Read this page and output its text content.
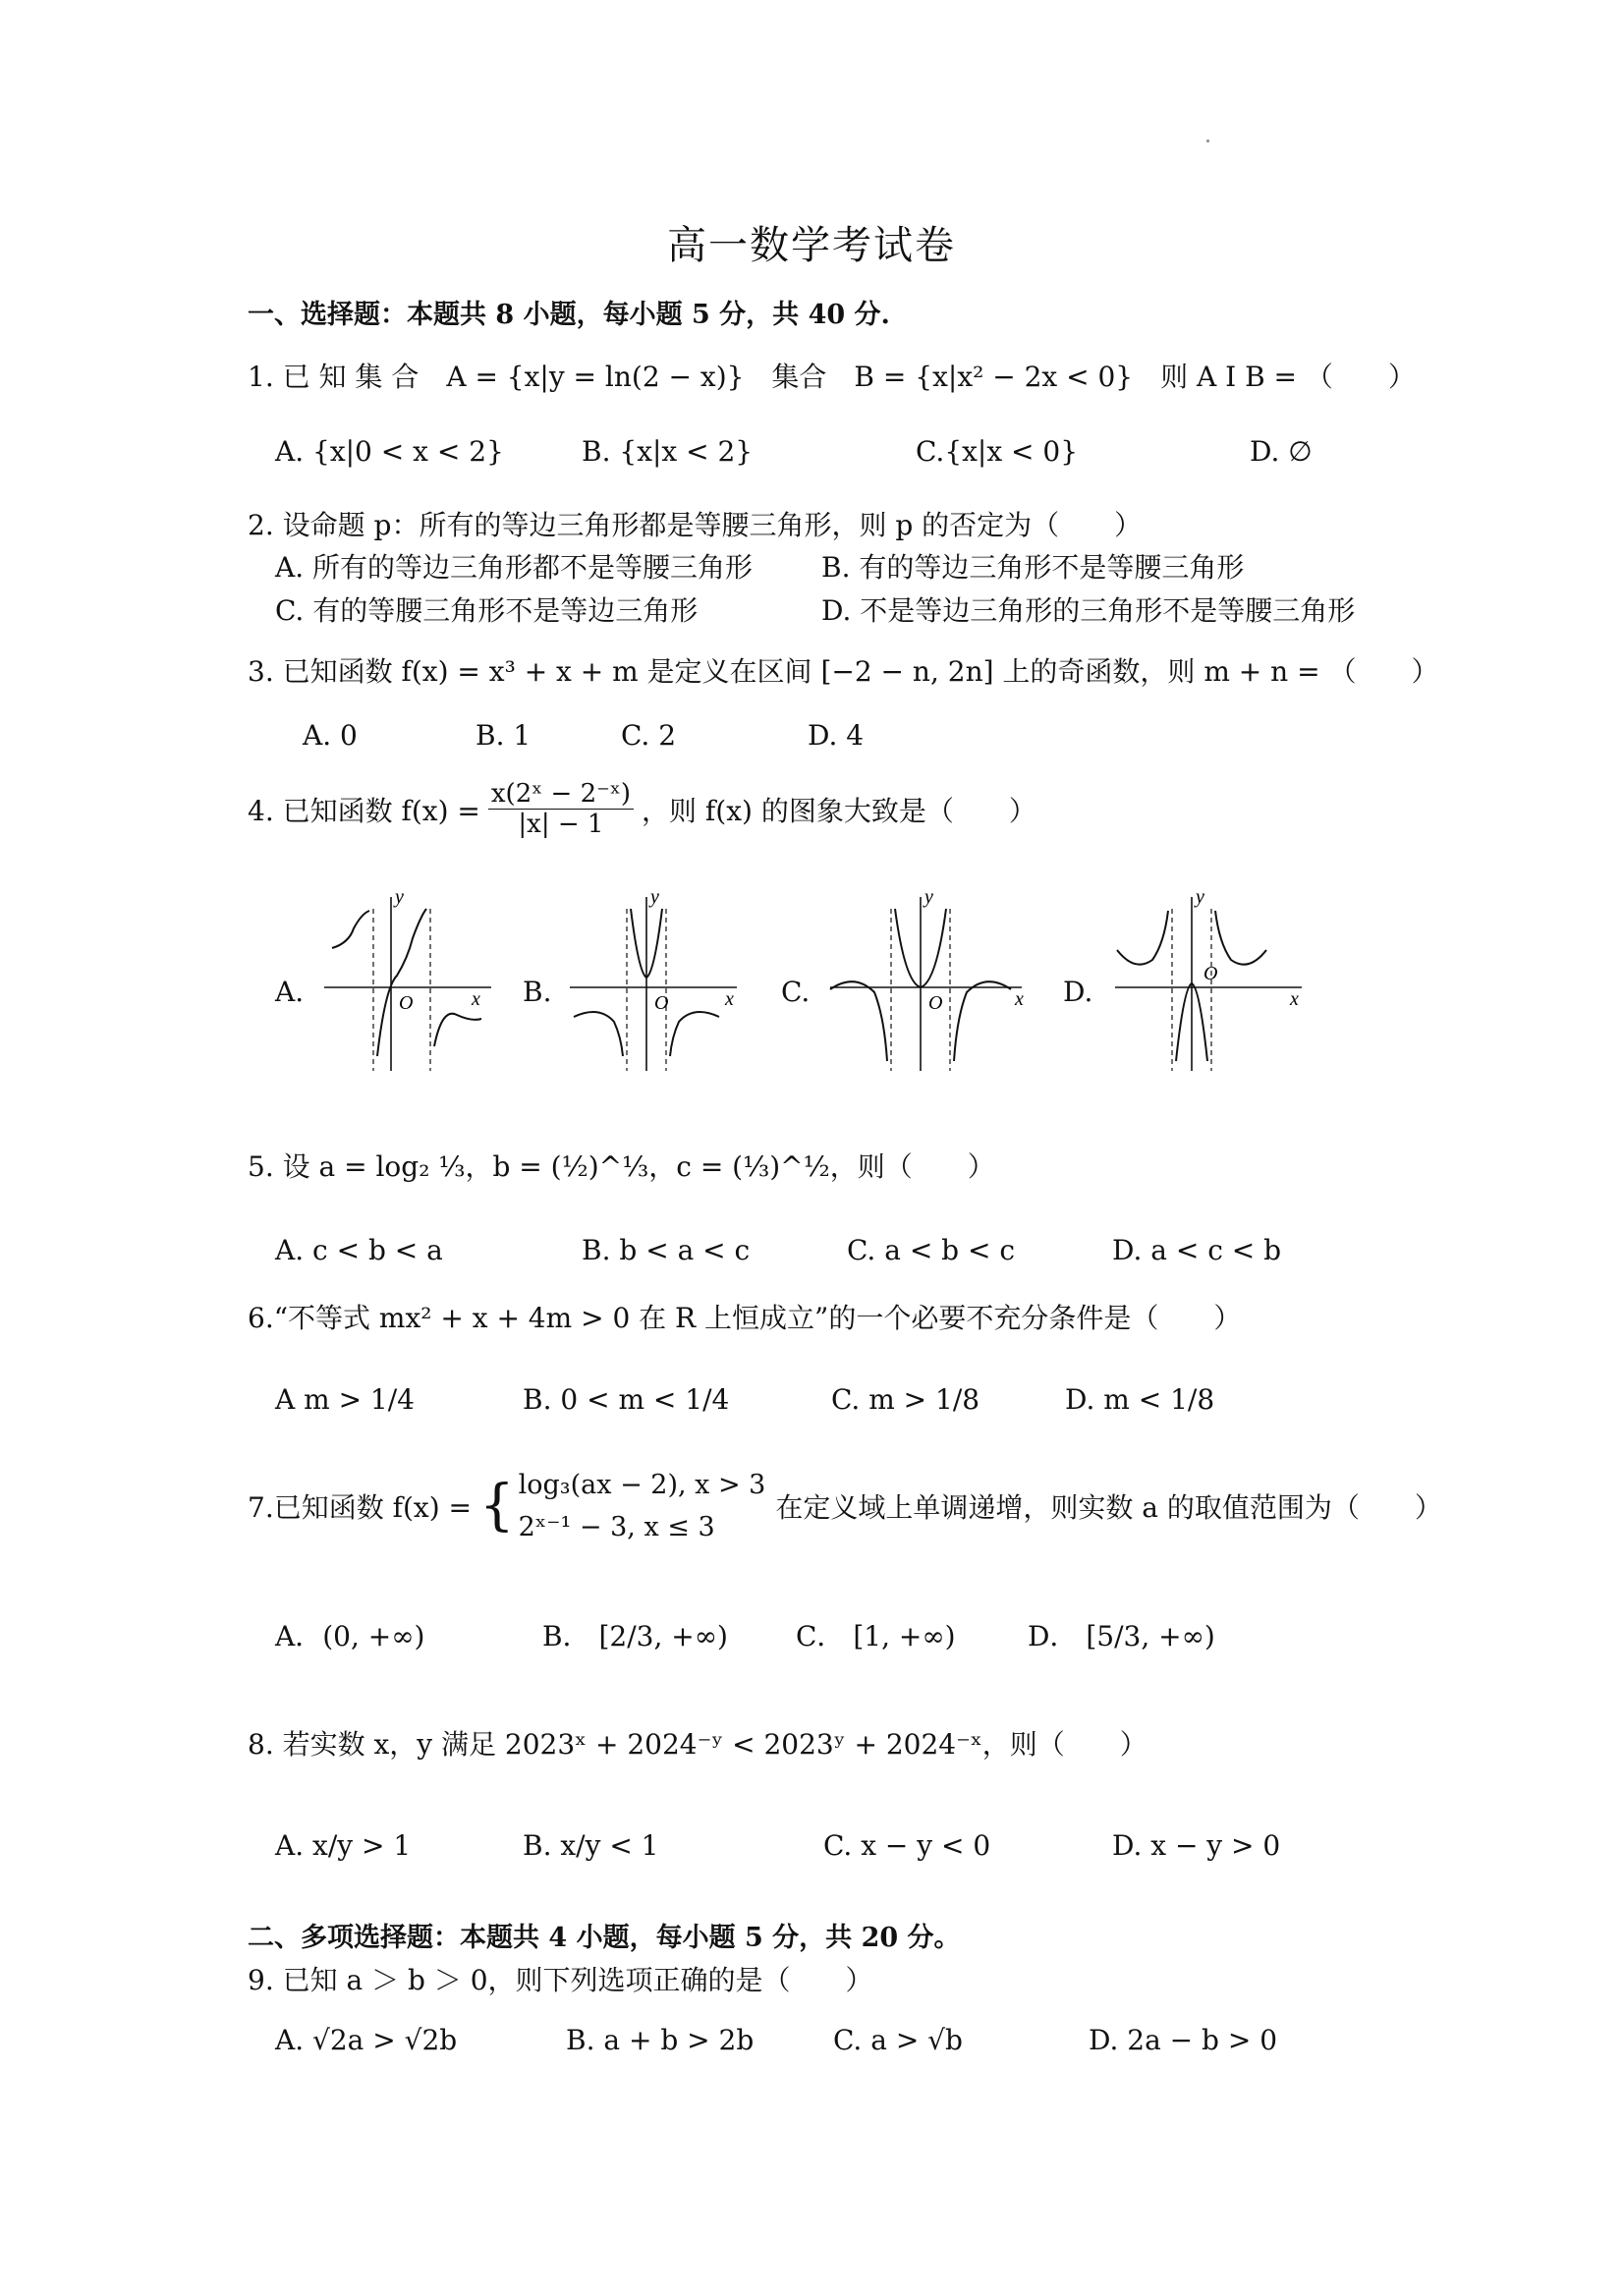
高一数学考试卷
一、选择题：本题共 8 小题，每小题 5 分，共 40 分.
1. 已 知 集 合　A = {x|y = ln(2 − x)}　集合　B = {x|x² − 2x < 0}　则 A I B = （　　）
A. {x|0 < x < 2}	B. {x|x < 2}	C.{x|x < 0}	D. ∅
2. 设命题 p：所有的等边三角形都是等腰三角形，则 p 的否定为（　　）
A. 所有的等边三角形都不是等腰三角形 B. 有的等边三角形不是等腰三角形
C. 有的等腰三角形不是等边三角形	D. 不是等边三角形的三角形不是等腰三角形
3. 已知函数 f(x) = x³ + x + m 是定义在区间 [−2 − n, 2n] 上的奇函数，则 m + n = （　　）
A. 0	B. 1	C. 2	D. 4
4. 已知函数 $f(x) = \frac{\text{x(2ˣ − 2⁻ˣ)}}{|x| - 1}$ ，则 f(x) 的图象大致是（　　）
A.	O	x
y
B.	O	x
y
C.	O	x
y
D.
O
x
y
5. 设 a = log₂ ⅓，b = (½)^⅓，c = (⅓)^½，则（　　）
A. c < b < a	B. b < a < c	C. a < b < c	D. a < c < b
6.“不等式 mx² + x + 4m > 0 在 R 上恒成立”的一个必要不充分条件是（　　）
A m > 1/4	B. 0 < m < 1/4	C. m > 1/8	D. m < 1/8
7.已知函数 f(x) = { log₃(ax − 2), x > 3
2ˣ⁻¹ − 3, x ≤ 3
在定义域上单调递增，则实数 a 的取值范围为（　　）
A．(0, +∞)	B． [2/3, +∞) C． [1, +∞)	D． [5/3, +∞)
8. 若实数 x，y 满足 2023ˣ + 2024⁻ʸ < 2023ʸ + 2024⁻ˣ，则（　　）
A. x/y > 1	B. x/y < 1	C. x − y < 0	D. x − y > 0
二、多项选择题：本题共 4 小题，每小题 5 分，共 20 分。
9. 已知 a ＞ b ＞ 0，则下列选项正确的是（　　）
A. √2a > √2b	B. a + b > 2b	C. a > √b	D. 2a − b > 0
